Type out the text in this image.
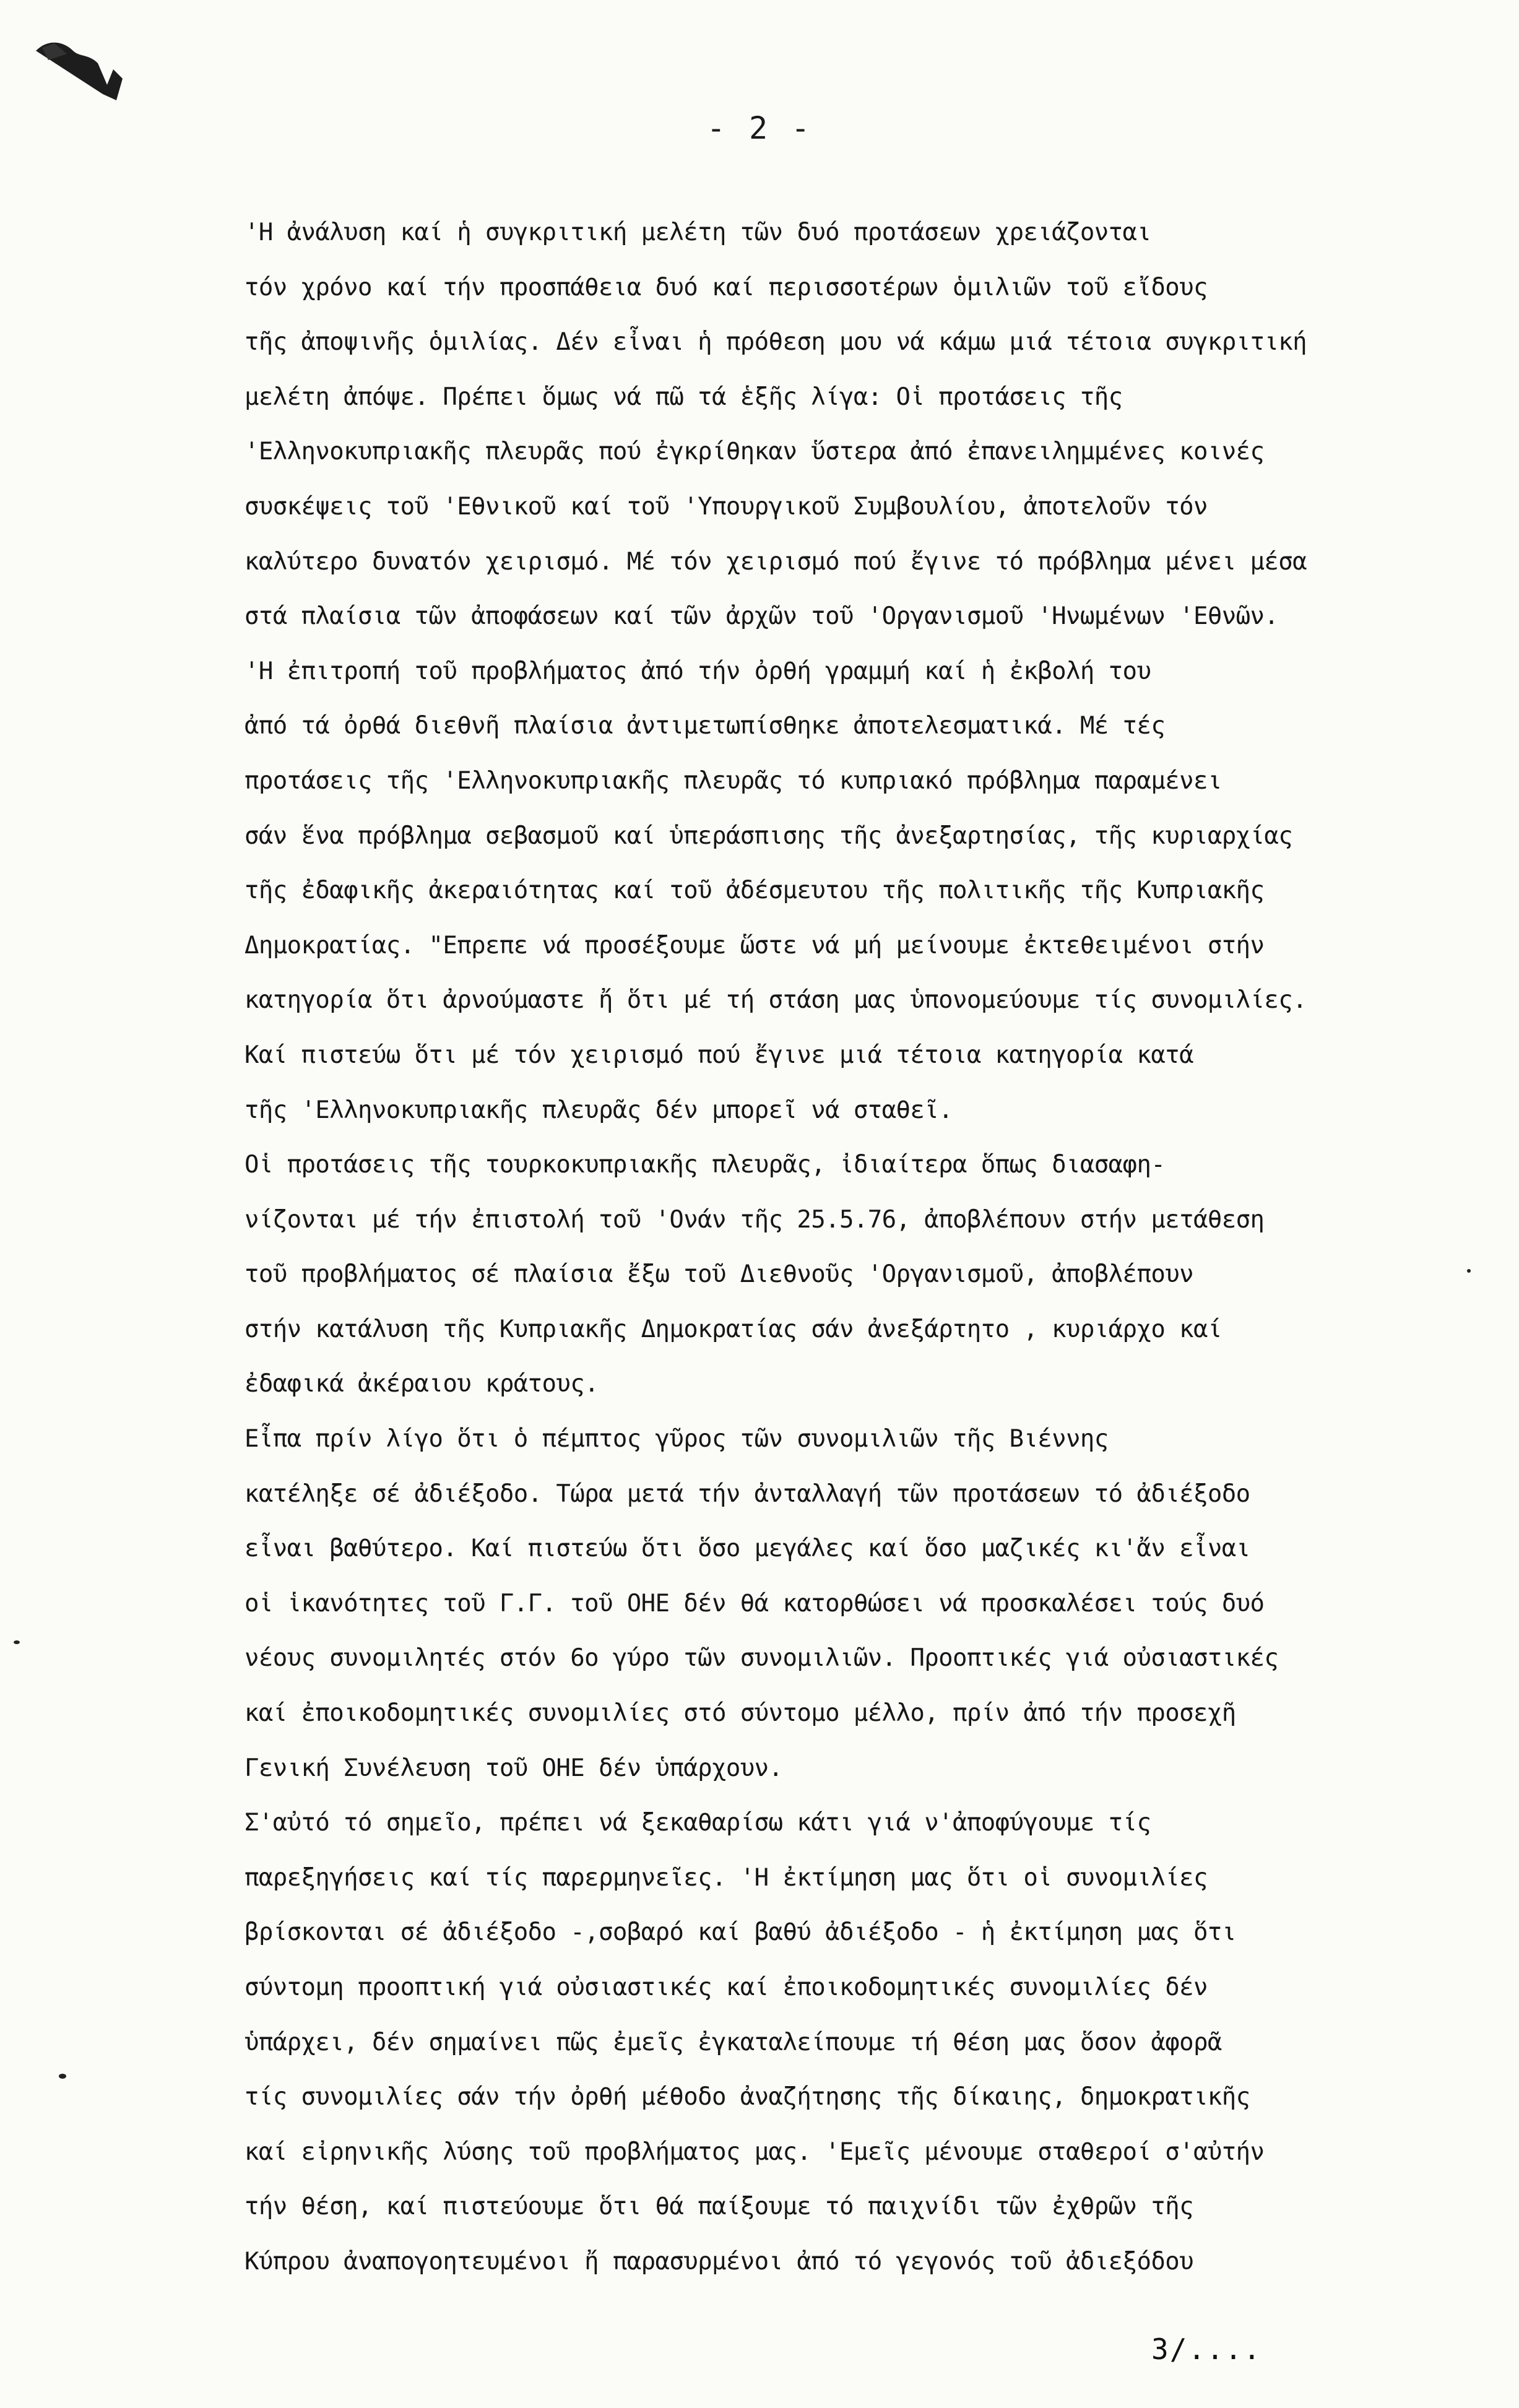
- 2 -
'Η ἀνάλυση καί ἡ συγκριτική μελέτη τῶν δυό προτάσεων χρειάζονται
τόν χρόνο καί τήν προσπάθεια δυό καί περισσοτέρων ὁμιλιῶν τοῦ εἴδους
τῆς ἀποψινῆς ὁμιλίας. Δέν εἶναι ἡ πρόθεση μου νά κάμω μιά τέτοια συγκριτική
μελέτη ἀπόψε. Πρέπει ὅμως νά πῶ τά ἑξῆς λίγα: Οἱ προτάσεις τῆς
'Ελληνοκυπριακῆς πλευρᾶς πού ἐγκρίθηκαν ὕστερα ἀπό ἐπανειλημμένες κοινές
συσκέψεις τοῦ 'Εθνικοῦ καί τοῦ 'Υπουργικοῦ Συμβουλίου, ἀποτελοῦν τόν
καλύτερο δυνατόν χειρισμό. Μέ τόν χειρισμό πού ἔγινε τό πρόβλημα μένει μέσα
στά πλαίσια τῶν ἀποφάσεων καί τῶν ἀρχῶν τοῦ 'Οργανισμοῦ 'Ηνωμένων 'Εθνῶν.
'Η ἐπιτροπή τοῦ προβλήματος ἀπό τήν ὀρθή γραμμή καί ἡ ἐκβολή του
ἀπό τά ὀρθά διεθνῆ πλαίσια ἀντιμετωπίσθηκε ἀποτελεσματικά. Μέ τές
προτάσεις τῆς 'Ελληνοκυπριακῆς πλευρᾶς τό κυπριακό πρόβλημα παραμένει
σάν ἕνα πρόβλημα σεβασμοῦ καί ὑπεράσπισης τῆς ἀνεξαρτησίας, τῆς κυριαρχίας
τῆς ἐδαφικῆς ἀκεραιότητας καί τοῦ ἀδέσμευτου τῆς πολιτικῆς τῆς Κυπριακῆς
Δημοκρατίας. "Επρεπε νά προσέξουμε ὥστε νά μή μείνουμε ἐκτεθειμένοι στήν
κατηγορία ὅτι ἀρνούμαστε ἤ ὅτι μέ τή στάση μας ὑπονομεύουμε τίς συνομιλίες.
Καί πιστεύω ὅτι μέ τόν χειρισμό πού ἔγινε μιά τέτοια κατηγορία κατά
τῆς 'Ελληνοκυπριακῆς πλευρᾶς δέν μπορεῖ νά σταθεῖ.
Οἱ προτάσεις τῆς τουρκοκυπριακῆς πλευρᾶς, ἰδιαίτερα ὅπως διασαφη-
νίζονται μέ τήν ἐπιστολή τοῦ 'Ονάν τῆς 25.5.76, ἀποβλέπουν στήν μετάθεση
τοῦ προβλήματος σέ πλαίσια ἔξω τοῦ Διεθνοῦς 'Οργανισμοῦ, ἀποβλέπουν
στήν κατάλυση τῆς Κυπριακῆς Δημοκρατίας σάν ἀνεξάρτητο , κυριάρχο καί
ἐδαφικά ἀκέραιου κράτους.
Εἶπα πρίν λίγο ὅτι ὁ πέμπτος γῦρος τῶν συνομιλιῶν τῆς Βιέννης
κατέληξε σέ ἀδιέξοδο. Τώρα μετά τήν ἀνταλλαγή τῶν προτάσεων τό ἀδιέξοδο
εἶναι βαθύτερο. Καί πιστεύω ὅτι ὅσο μεγάλες καί ὅσο μαζικές κι'ἄν εἶναι
οἱ ἱκανότητες τοῦ Γ.Γ. τοῦ ΟΗΕ δέν θά κατορθώσει νά προσκαλέσει τούς δυό
νέους συνομιλητές στόν 6ο γύρο τῶν συνομιλιῶν. Προοπτικές γιά οὐσιαστικές
καί ἐποικοδομητικές συνομιλίες στό σύντομο μέλλο, πρίν ἀπό τήν προσεχῆ
Γενική Συνέλευση τοῦ ΟΗΕ δέν ὑπάρχουν.
Σ'αὐτό τό σημεῖο, πρέπει νά ξεκαθαρίσω κάτι γιά ν'ἀποφύγουμε τίς
παρεξηγήσεις καί τίς παρερμηνεῖες. 'Η ἐκτίμηση μας ὅτι οἱ συνομιλίες
βρίσκονται σέ ἀδιέξοδο -,σοβαρό καί βαθύ ἀδιέξοδο - ἡ ἐκτίμηση μας ὅτι
σύντομη προοπτική γιά οὐσιαστικές καί ἐποικοδομητικές συνομιλίες δέν
ὑπάρχει, δέν σημαίνει πῶς ἐμεῖς ἐγκαταλείπουμε τή θέση μας ὅσον ἀφορᾶ
τίς συνομιλίες σάν τήν ὀρθή μέθοδο ἀναζήτησης τῆς δίκαιης, δημοκρατικῆς
καί εἰρηνικῆς λύσης τοῦ προβλήματος μας. 'Εμεῖς μένουμε σταθεροί σ'αὐτήν
τήν θέση, καί πιστεύουμε ὅτι θά παίξουμε τό παιχνίδι τῶν ἐχθρῶν τῆς
Κύπρου ἀναπογοητευμένοι ἤ παρασυρμένοι ἀπό τό γεγονός τοῦ ἀδιεξόδου
3/....
